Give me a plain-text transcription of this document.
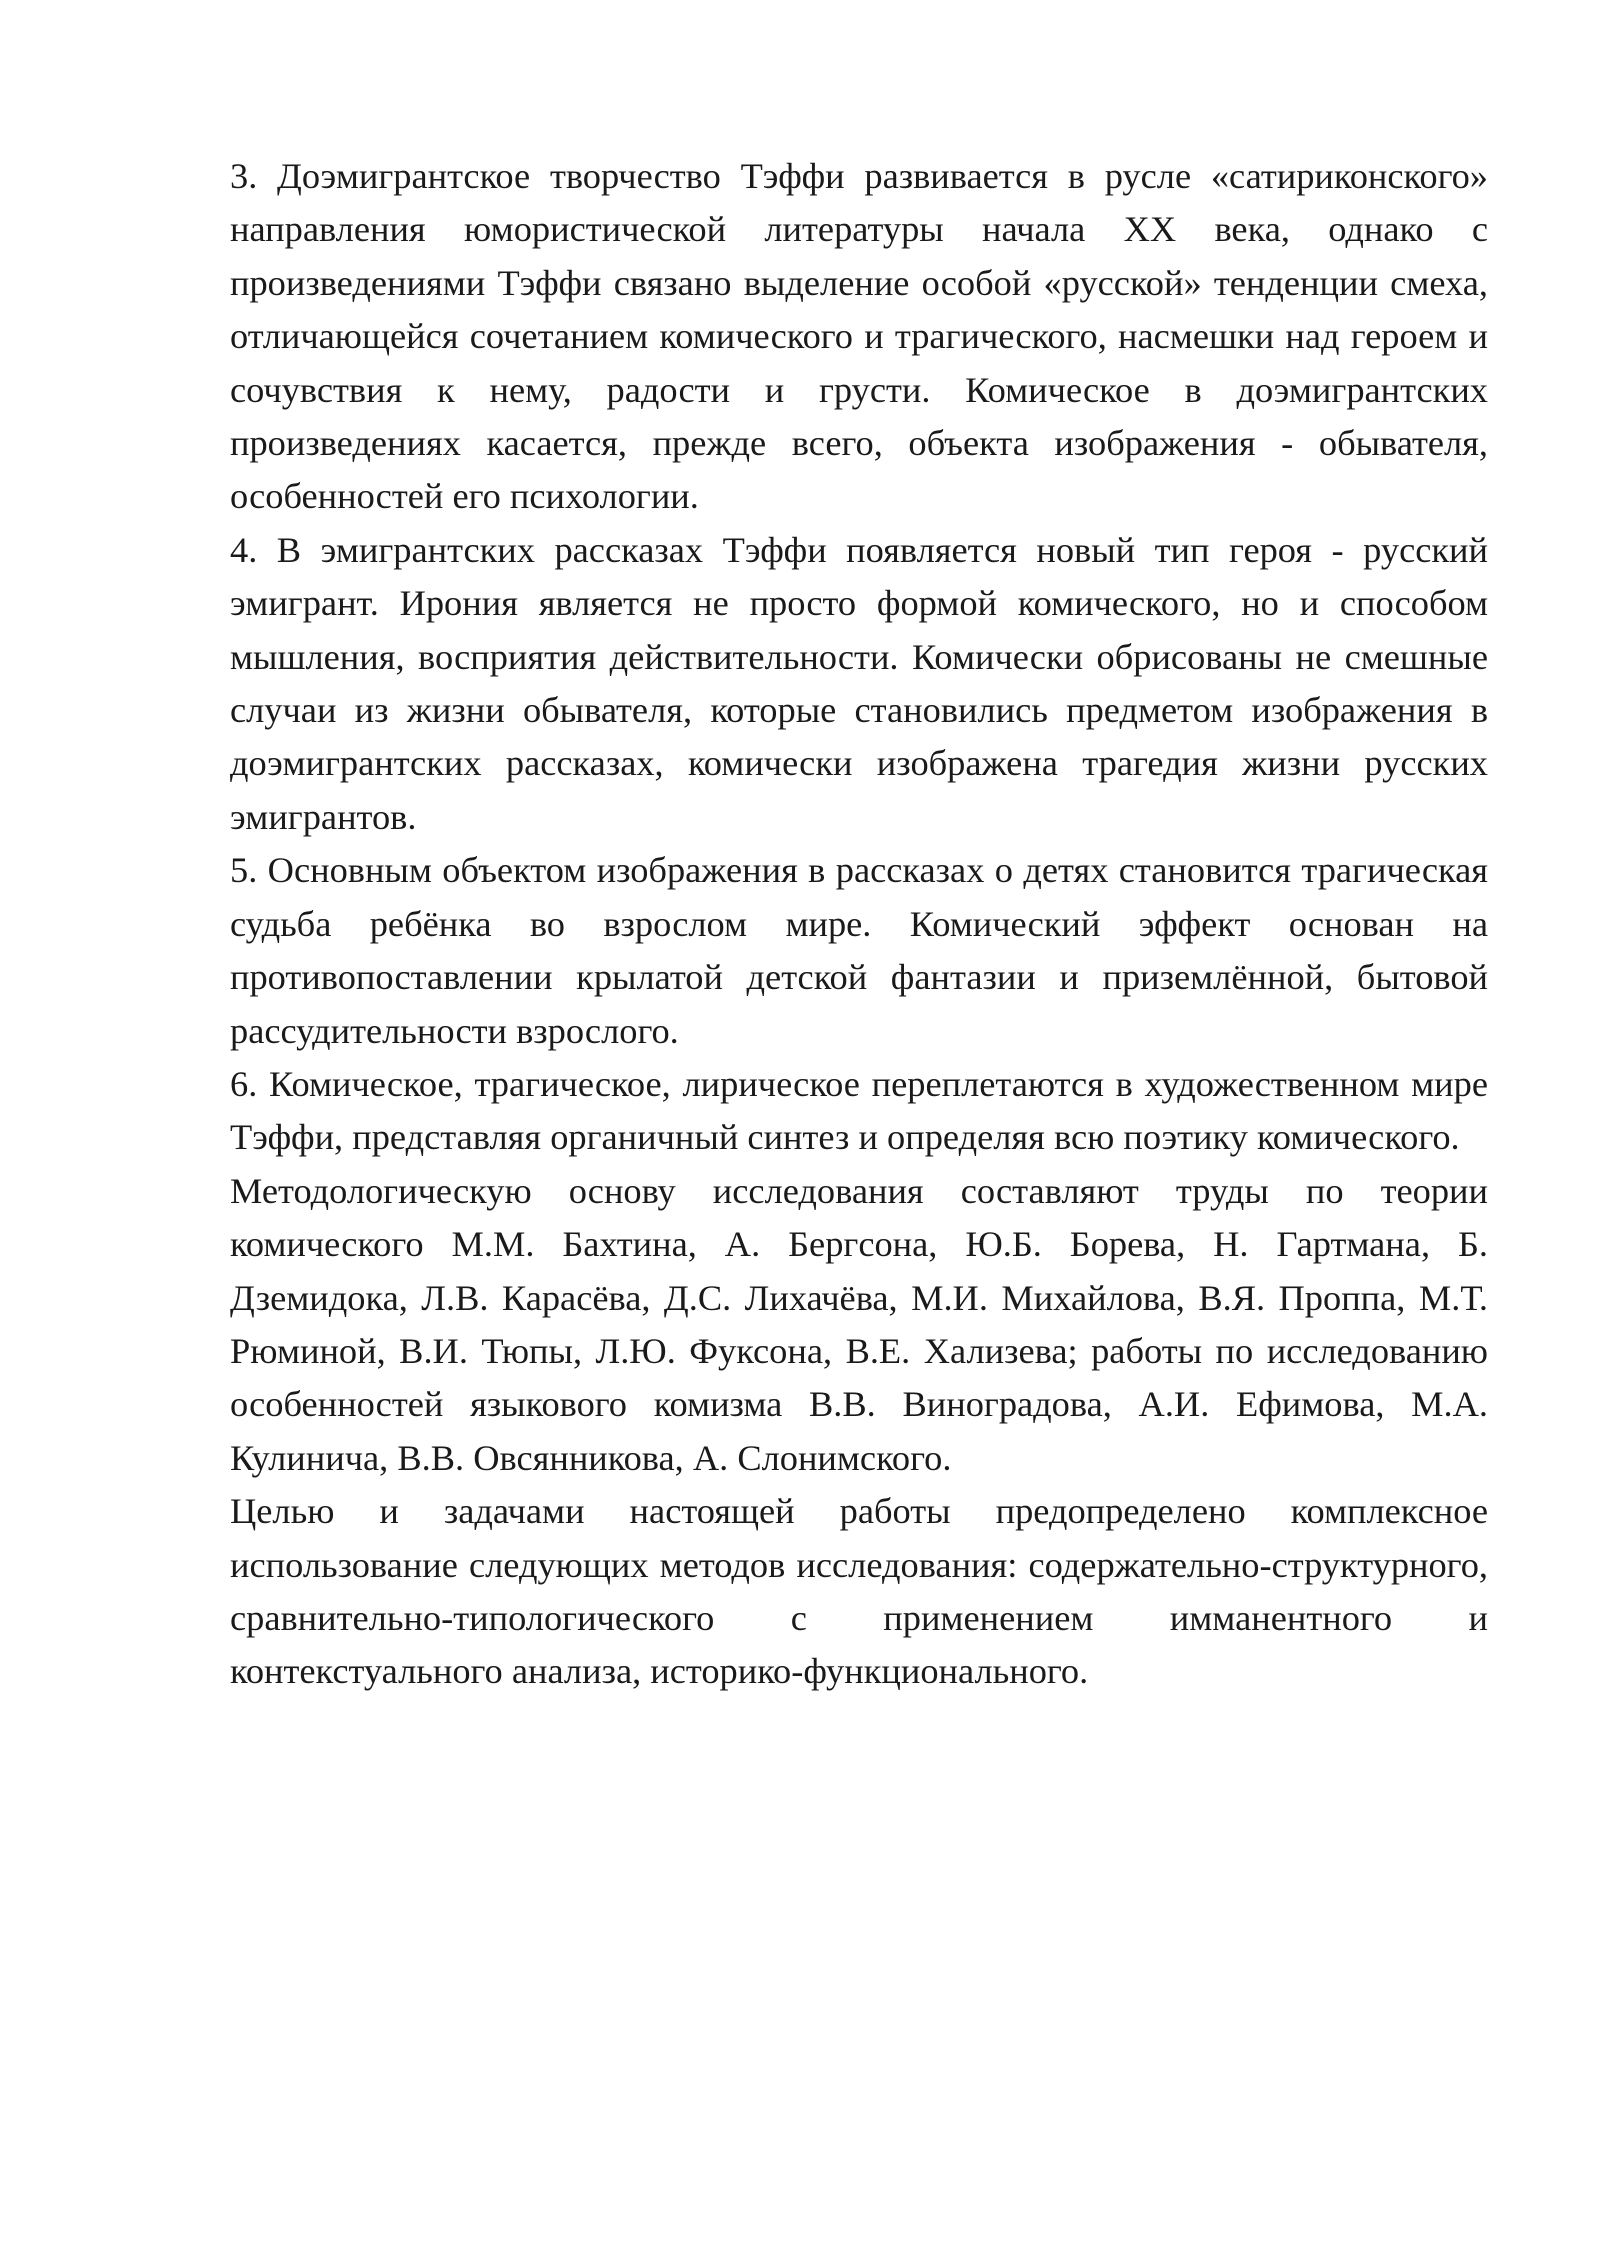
3. Доэмигрантское творчество Тэффи развивается в русле «сатириконского» направления юмористической литературы начала XX века, однако с произведениями Тэффи связано выделение особой «русской» тенденции смеха, отличающейся сочетанием комического и трагического, насмешки над героем и сочувствия к нему, радости и грусти. Комическое в доэмигрантских произведениях касается, прежде всего, объекта изображения - обывателя, особенностей его психологии.

4. В эмигрантских рассказах Тэффи появляется новый тип героя - русский эмигрант. Ирония является не просто формой комического, но и способом мышления, восприятия действительности. Комически обрисованы не смешные случаи из жизни обывателя, которые становились предметом изображения в доэмигрантских рассказах, комически изображена трагедия жизни русских эмигрантов.

5. Основным объектом изображения в рассказах о детях становится трагическая судьба ребёнка во взрослом мире. Комический эффект основан на противопоставлении крылатой детской фантазии и приземлённой, бытовой рассудительности взрослого.

6. Комическое, трагическое, лирическое переплетаются в художественном мире Тэффи, представляя органичный синтез и определяя всю поэтику комического.

Методологическую основу исследования составляют труды по теории комического М.М. Бахтина, А. Бергсона, Ю.Б. Борева, Н. Гартмана, Б. Дземидока, Л.В. Карасёва, Д.С. Лихачёва, М.И. Михайлова, В.Я. Проппа, М.Т. Рюминой, В.И. Тюпы, Л.Ю. Фуксона, В.Е. Хализева; работы по исследованию особенностей языкового комизма В.В. Виноградова, А.И. Ефимова, М.А. Кулинича, В.В. Овсянникова, А. Слонимского.

Целью и задачами настоящей работы предопределено комплексное использование следующих методов исследования: содержательно-структурного, сравнительно-типологического с применением имманентного и контекстуального анализа, историко-функционального.
